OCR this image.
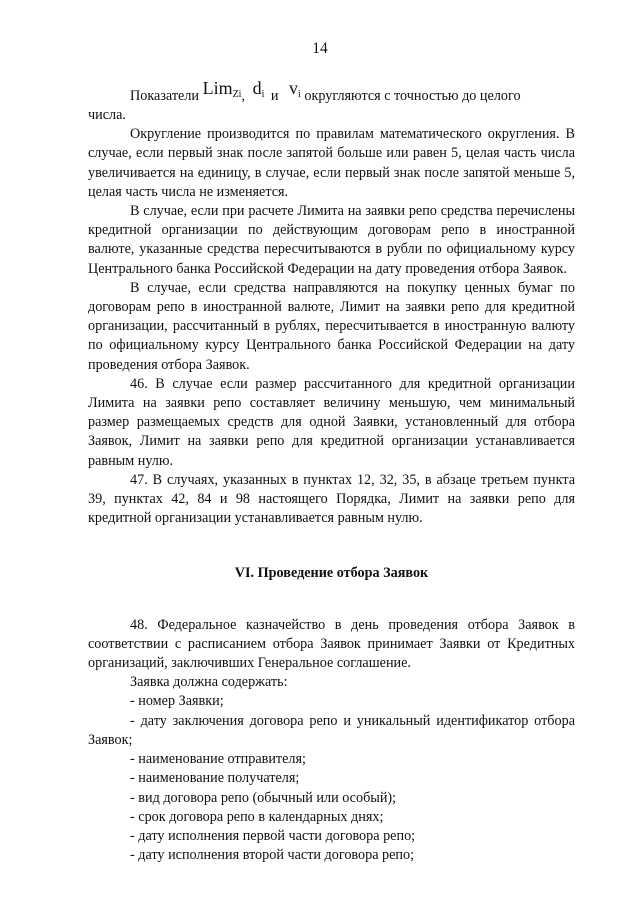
14

Показатели Lim$_{Zi}$, $d_i$ и $v_i$ округляются с точностью до целого

числа.

Округление производится по правилам математического округления. В случае, если первый знак после запятой больше или равен 5, целая часть числа увеличивается на единицу, в случае, если первый знак после запятой меньше 5, целая часть числа не изменяется.

В случае, если при расчете Лимита на заявки репо средства перечислены кредитной организации по действующим договорам репо в иностранной валюте, указанные средства пересчитываются в рубли по официальному курсу Центрального банка Российской Федерации на дату проведения отбора Заявок.

В случае, если средства направляются на покупку ценных бумаг по договорам репо в иностранной валюте, Лимит на заявки репо для кредитной организации, рассчитанный в рублях, пересчитывается в иностранную валюту по официальному курсу Центрального банка Российской Федерации на дату проведения отбора Заявок.

46. В случае если размер рассчитанного для кредитной организации Лимита на заявки репо составляет величину меньшую, чем минимальный размер размещаемых средств для одной Заявки, установленный для отбора Заявок, Лимит на заявки репо для кредитной организации устанавливается равным нулю.

47. В случаях, указанных в пунктах 12, 32, 35, в абзаце третьем пункта 39, пунктах 42, 84 и 98 настоящего Порядка, Лимит на заявки репо для кредитной организации устанавливается равным нулю.

VI. Проведение отбора Заявок

48. Федеральное казначейство в день проведения отбора Заявок в соответствии с расписанием отбора Заявок принимает Заявки от Кредитных организаций, заключивших Генеральное соглашение.

Заявка должна содержать:

- номер Заявки;

- дату заключения договора репо и уникальный идентификатор отбора Заявок;

- наименование отправителя;

- наименование получателя;

- вид договора репо (обычный или особый);

- срок договора репо в календарных днях;

- дату исполнения первой части договора репо;

- дату исполнения второй части договора репо;
